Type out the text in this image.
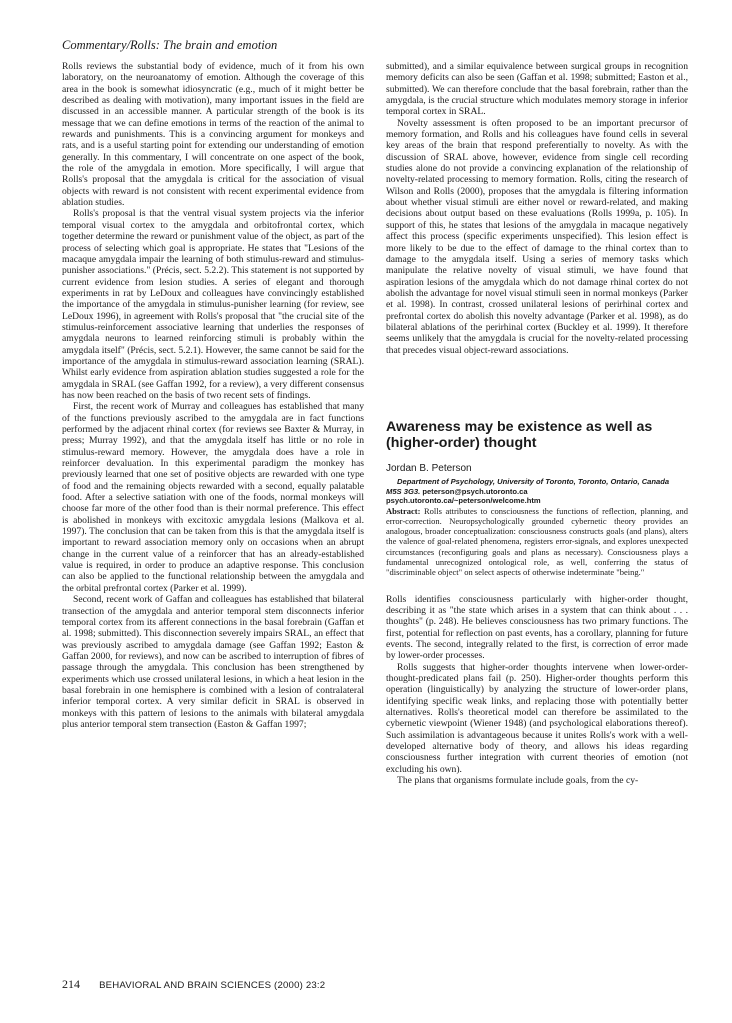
Commentary/Rolls: The brain and emotion

Rolls reviews the substantial body of evidence, much of it from his own laboratory, on the neuroanatomy of emotion. Although the coverage of this area in the book is somewhat idiosyncratic (e.g., much of it might better be described as dealing with motivation), many important issues in the field are discussed in an accessible manner. A particular strength of the book is its message that we can define emotions in terms of the reaction of the animal to rewards and punishments. This is a convincing argument for monkeys and rats, and is a useful starting point for extending our understanding of emotion generally. In this commentary, I will concentrate on one aspect of the book, the role of the amygdala in emotion. More specifically, I will argue that Rolls's proposal that the amygdala is critical for the association of visual objects with reward is not consistent with recent experimental evidence from ablation studies.

Rolls's proposal is that the ventral visual system projects via the inferior temporal visual cortex to the amygdala and orbitofrontal cortex, which together determine the reward or punishment value of the object, as part of the process of selecting which goal is appropriate. He states that "Lesions of the macaque amygdala impair the learning of both stimulus-reward and stimulus-punisher associations." (Précis, sect. 5.2.2). This statement is not supported by current evidence from lesion studies. A series of elegant and thorough experiments in rat by LeDoux and colleagues have convincingly established the importance of the amygdala in stimulus-punisher learning (for review, see LeDoux 1996), in agreement with Rolls's proposal that "the crucial site of the stimulus-reinforcement associative learning that underlies the responses of amygdala neurons to learned reinforcing stimuli is probably within the amygdala itself" (Précis, sect. 5.2.1). However, the same cannot be said for the importance of the amygdala in stimulus-reward association learning (SRAL). Whilst early evidence from aspiration ablation studies suggested a role for the amygdala in SRAL (see Gaffan 1992, for a review), a very different consensus has now been reached on the basis of two recent sets of findings.

First, the recent work of Murray and colleagues has established that many of the functions previously ascribed to the amygdala are in fact functions performed by the adjacent rhinal cortex (for reviews see Baxter & Murray, in press; Murray 1992), and that the amygdala itself has little or no role in stimulus-reward memory. However, the amygdala does have a role in reinforcer devaluation. In this experimental paradigm the monkey has previously learned that one set of positive objects are rewarded with one type of food and the remaining objects rewarded with a second, equally palatable food. After a selective satiation with one of the foods, normal monkeys will choose far more of the other food than is their normal preference. This effect is abolished in monkeys with excitoxic amygdala lesions (Malkova et al. 1997). The conclusion that can be taken from this is that the amygdala itself is important to reward association memory only on occasions when an abrupt change in the current value of a reinforcer that has an already-established value is required, in order to produce an adaptive response. This conclusion can also be applied to the functional relationship between the amygdala and the orbital prefrontal cortex (Parker et al. 1999).

Second, recent work of Gaffan and colleagues has established that bilateral transection of the amygdala and anterior temporal stem disconnects inferior temporal cortex from its afferent connections in the basal forebrain (Gaffan et al. 1998; submitted). This disconnection severely impairs SRAL, an effect that was previously ascribed to amygdala damage (see Gaffan 1992; Easton & Gaffan 2000, for reviews), and now can be ascribed to interruption of fibres of passage through the amygdala. This conclusion has been strengthened by experiments which use crossed unilateral lesions, in which a heat lesion in the basal forebrain in one hemisphere is combined with a lesion of contralateral inferior temporal cortex. A very similar deficit in SRAL is observed in monkeys with this pattern of lesions to the animals with bilateral amygdala plus anterior temporal stem transection (Easton & Gaffan 1997;

submitted), and a similar equivalence between surgical groups in recognition memory deficits can also be seen (Gaffan et al. 1998; submitted; Easton et al., submitted). We can therefore conclude that the basal forebrain, rather than the amygdala, is the crucial structure which modulates memory storage in inferior temporal cortex in SRAL.

Novelty assessment is often proposed to be an important precursor of memory formation, and Rolls and his colleagues have found cells in several key areas of the brain that respond preferentially to novelty. As with the discussion of SRAL above, however, evidence from single cell recording studies alone do not provide a convincing explanation of the relationship of novelty-related processing to memory formation. Rolls, citing the research of Wilson and Rolls (2000), proposes that the amygdala is filtering information about whether visual stimuli are either novel or reward-related, and making decisions about output based on these evaluations (Rolls 1999a, p. 105). In support of this, he states that lesions of the amygdala in macaque negatively affect this process (specific experiments unspecified). This lesion effect is more likely to be due to the effect of damage to the rhinal cortex than to damage to the amygdala itself. Using a series of memory tasks which manipulate the relative novelty of visual stimuli, we have found that aspiration lesions of the amygdala which do not damage rhinal cortex do not abolish the advantage for novel visual stimuli seen in normal monkeys (Parker et al. 1998). In contrast, crossed unilateral lesions of perirhinal cortex and prefrontal cortex do abolish this novelty advantage (Parker et al. 1998), as do bilateral ablations of the perirhinal cortex (Buckley et al. 1999). It therefore seems unlikely that the amygdala is crucial for the novelty-related processing that precedes visual object-reward associations.

Awareness may be existence as well as (higher-order) thought
Jordan B. Peterson

Department of Psychology, University of Toronto, Toronto, Ontario, Canada
M5S 3G3. peterson@psych.utoronto.ca
psych.utoronto.ca/~peterson/welcome.htm

Abstract: Rolls attributes to consciousness the functions of reflection, planning, and error-correction. Neuropsychologically grounded cybernetic theory provides an analogous, broader conceptualization: consciousness constructs goals (and plans), alters the valence of goal-related phenomena, registers error-signals, and explores unexpected circumstances (reconfiguring goals and plans as necessary). Consciousness plays a fundamental unrecognized ontological role, as well, conferring the status of "discriminable object" on select aspects of otherwise indeterminate "being."

Rolls identifies consciousness particularly with higher-order thought, describing it as "the state which arises in a system that can think about . . . thoughts" (p. 248). He believes consciousness has two primary functions. The first, potential for reflection on past events, has a corollary, planning for future events. The second, integrally related to the first, is correction of error made by lower-order processes.

Rolls suggests that higher-order thoughts intervene when lower-order-thought-predicated plans fail (p. 250). Higher-order thoughts perform this operation (linguistically) by analyzing the structure of lower-order plans, identifying specific weak links, and replacing those with potentially better alternatives. Rolls's theoretical model can therefore be assimilated to the cybernetic viewpoint (Wiener 1948) (and psychological elaborations thereof). Such assimilation is advantageous because it unites Rolls's work with a well-developed alternative body of theory, and allows his ideas regarding consciousness further integration with current theories of emotion (not excluding his own).

The plans that organisms formulate include goals, from the cy-

214 BEHAVIORAL AND BRAIN SCIENCES (2000) 23:2
